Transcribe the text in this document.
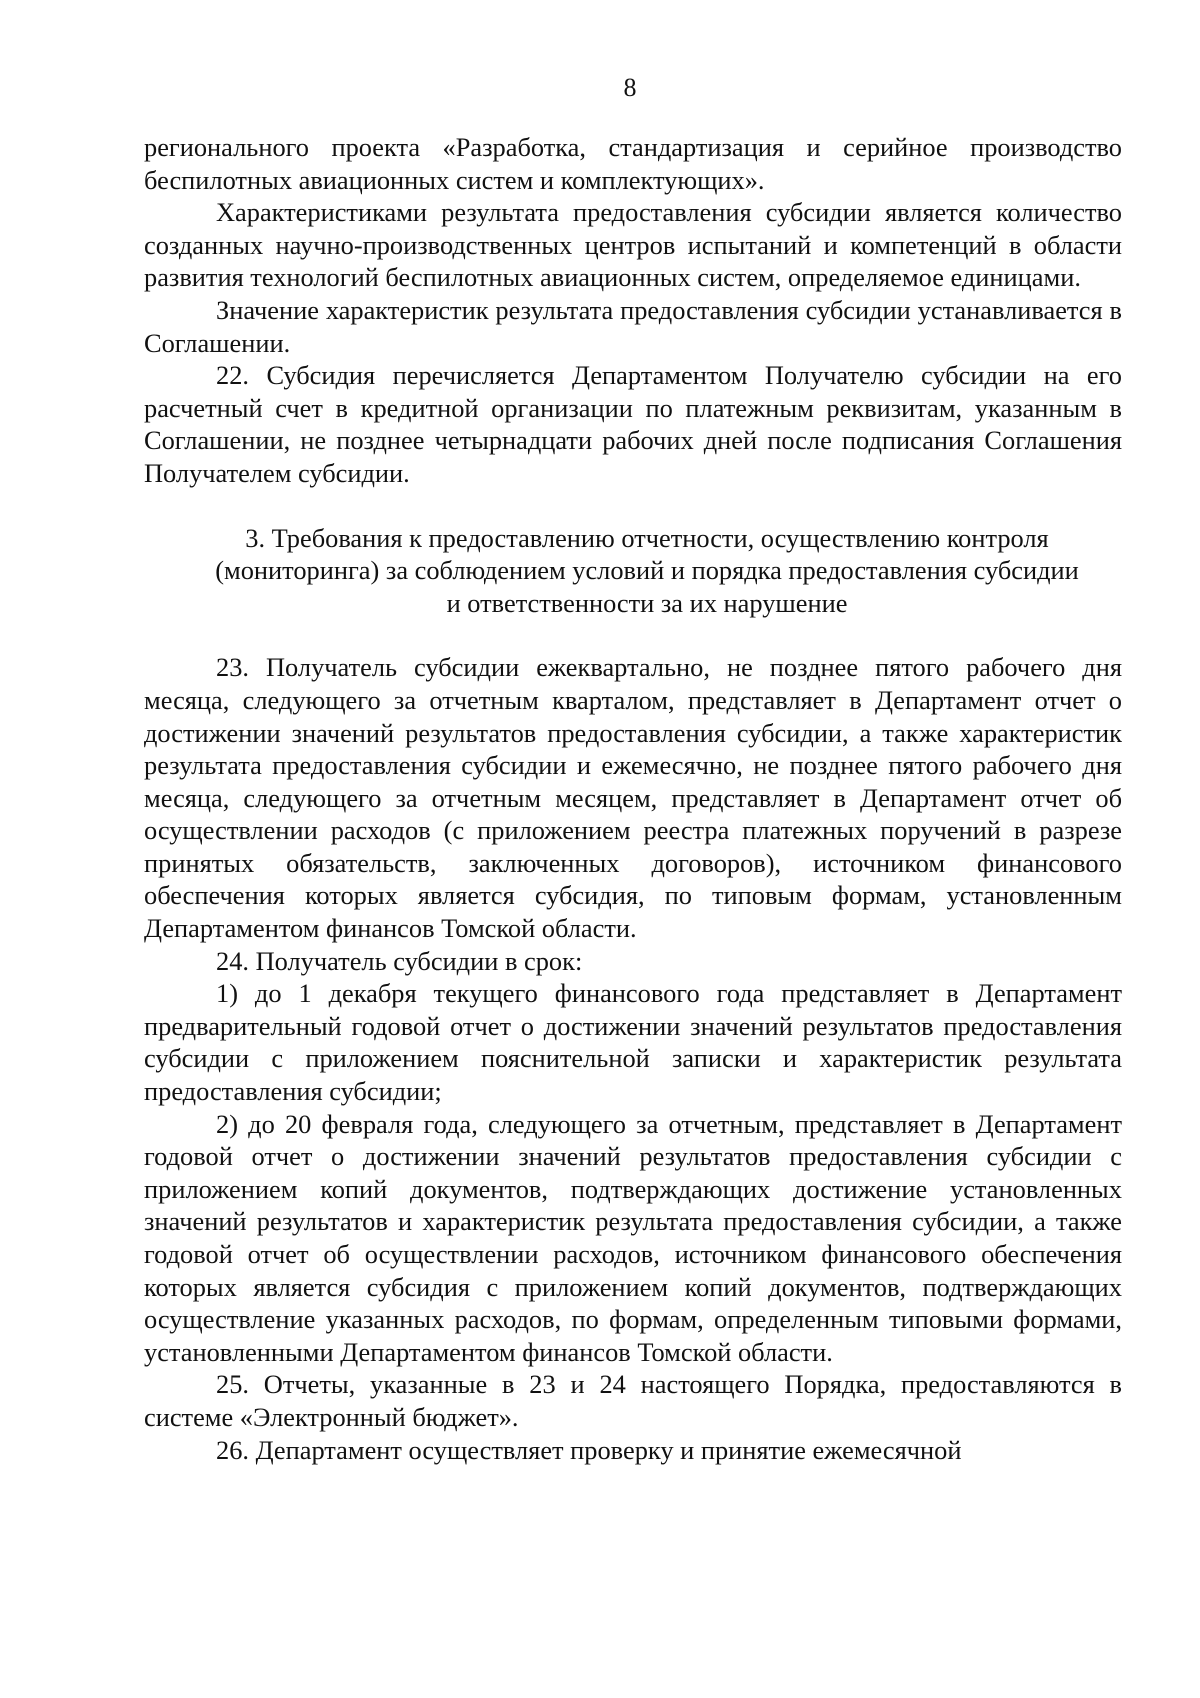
8

регионального проекта «Разработка, стандартизация и серийное производство беспилотных авиационных систем и комплектующих».

Характеристиками результата предоставления субсидии является количество созданных научно-производственных центров испытаний и компетенций в области развития технологий беспилотных авиационных систем, определяемое единицами.

Значение характеристик результата предоставления субсидии устанавливается в Соглашении.

22. Субсидия перечисляется Департаментом Получателю субсидии на его расчетный счет в кредитной организации по платежным реквизитам, указанным в Соглашении, не позднее четырнадцати рабочих дней после подписания Соглашения Получателем субсидии.

3. Требования к предоставлению отчетности, осуществлению контроля
(мониторинга) за соблюдением условий и порядка предоставления субсидии
и ответственности за их нарушение

23. Получатель субсидии ежеквартально, не позднее пятого рабочего дня месяца, следующего за отчетным кварталом, представляет в Департамент отчет о достижении значений результатов предоставления субсидии, а также характеристик результата предоставления субсидии и ежемесячно, не позднее пятого рабочего дня месяца, следующего за отчетным месяцем, представляет в Департамент отчет об осуществлении расходов (с приложением реестра платежных поручений в разрезе принятых обязательств, заключенных договоров), источником финансового обеспечения которых является субсидия, по типовым формам, установленным Департаментом финансов Томской области.

24. Получатель субсидии в срок:

1) до 1 декабря текущего финансового года представляет в Департамент предварительный годовой отчет о достижении значений результатов предоставления субсидии с приложением пояснительной записки и характеристик результата предоставления субсидии;

2) до 20 февраля года, следующего за отчетным, представляет в Департамент годовой отчет о достижении значений результатов предоставления субсидии с приложением копий документов, подтверждающих достижение установленных значений результатов и характеристик результата предоставления субсидии, а также годовой отчет об осуществлении расходов, источником финансового обеспечения которых является субсидия с приложением копий документов, подтверждающих осуществление указанных расходов, по формам, определенным типовыми формами, установленными Департаментом финансов Томской области.

25. Отчеты, указанные в 23 и 24 настоящего Порядка, предоставляются в системе «Электронный бюджет».

26. Департамент осуществляет проверку и принятие ежемесячной
